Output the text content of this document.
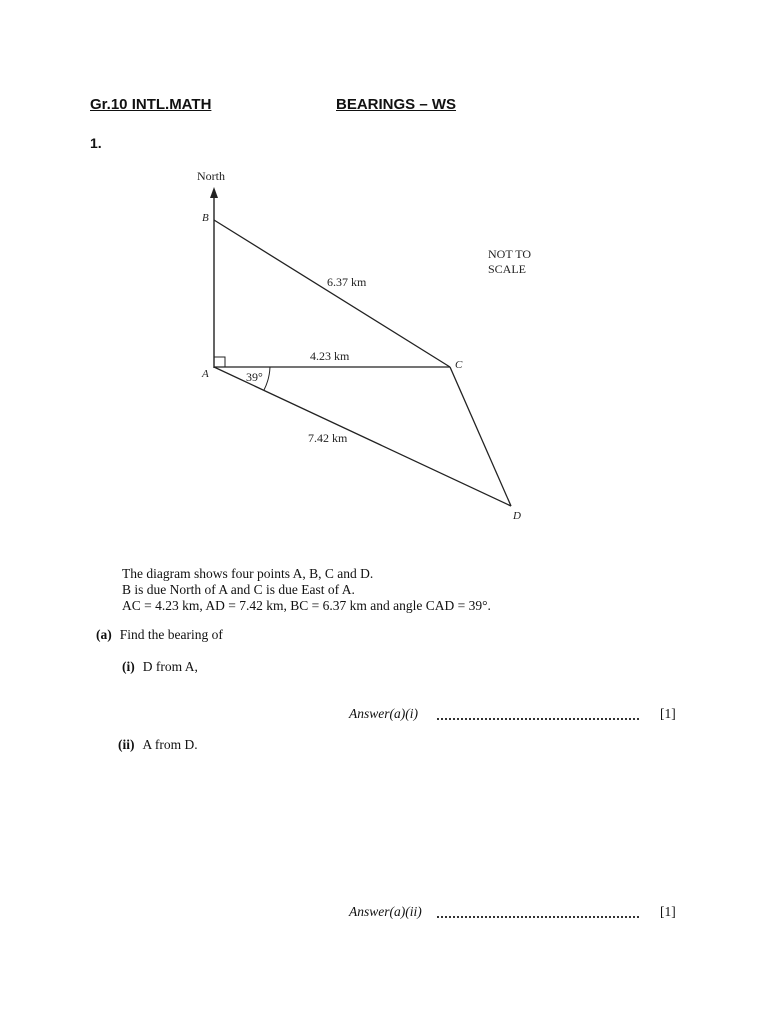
Gr.10 INTL.MATH	BEARINGS – WS
1.
North
B
A
C
D
6.37 km
4.23 km
7.42 km
39°
NOT TO
SCALE
The diagram shows four points A, B, C and D.
B is due North of A and C is due East of A.
AC = 4.23 km, AD = 7.42 km, BC = 6.37 km and angle CAD = 39°.
(a) Find the bearing of
(i) D from A,
Answer(a)(i)	[1]
(ii) A from D.
Answer(a)(ii)	[1]
